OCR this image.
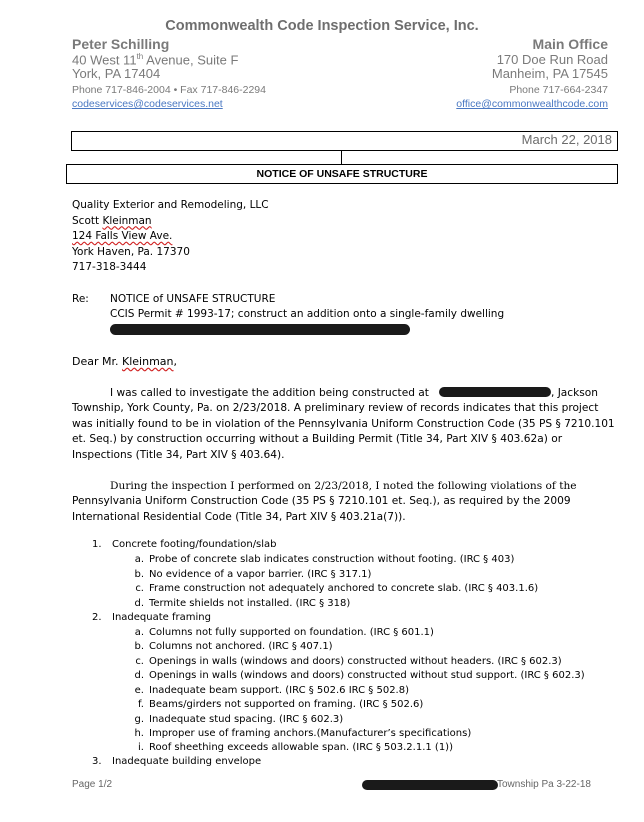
Commonwealth Code Inspection Service, Inc.
Peter Schilling
40 West 11th Avenue, Suite F
York, PA 17404
Phone 717-846-2004 • Fax 717-846-2294
codeservices@codeservices.net
Main Office
170 Doe Run Road
Manheim, PA 17545
Phone 717-664-2347
office@commonwealthcode.com
March 22, 2018
NOTICE OF UNSAFE STRUCTURE
Quality Exterior and Remodeling, LLC
Scott Kleinman
124 Falls View Ave.
York Haven, Pa. 17370
717-318-3444
Re: NOTICE of UNSAFE STRUCTURE
CCIS Permit # 1993-17; construct an addition onto a single-family dwelling
Dear Mr. Kleinman,
I was called to investigate the addition being constructed at	, Jackson
Township, York County, Pa. on 2/23/2018. A preliminary review of records indicates that this project
was initially found to be in violation of the Pennsylvania Uniform Construction Code (35 PS § 7210.101
et. Seq.) by construction occurring without a Building Permit (Title 34, Part XIV § 403.62a) or
Inspections (Title 34, Part XIV § 403.64).
During the inspection I performed on 2/23/2018, I noted the following violations of the
Pennsylvania Uniform Construction Code (35 PS § 7210.101 et. Seq.), as required by the 2009
International Residential Code (Title 34, Part XIV § 403.21a(7)).
1. Concrete footing/foundation/slab
a. Probe of concrete slab indicates construction without footing. (IRC § 403)
b. No evidence of a vapor barrier. (IRC § 317.1)
c. Frame construction not adequately anchored to concrete slab. (IRC § 403.1.6)
d. Termite shields not installed. (IRC § 318)
2. Inadequate framing
a. Columns not fully supported on foundation. (IRC § 601.1)
b. Columns not anchored. (IRC § 407.1)
c. Openings in walls (windows and doors) constructed without headers. (IRC § 602.3)
d. Openings in walls (windows and doors) constructed without stud support. (IRC § 602.3)
e. Inadequate beam support. (IRC § 502.6 IRC § 502.8)
f. Beams/girders not supported on framing. (IRC § 502.6)
g. Inadequate stud spacing. (IRC § 602.3)
h. Improper use of framing anchors.(Manufacturer’s specifications)
i. Roof sheething exceeds allowable span. (IRC § 503.2.1.1 (1))
3. Inadequate building envelope
Page 1/2	Township Pa 3-22-18
